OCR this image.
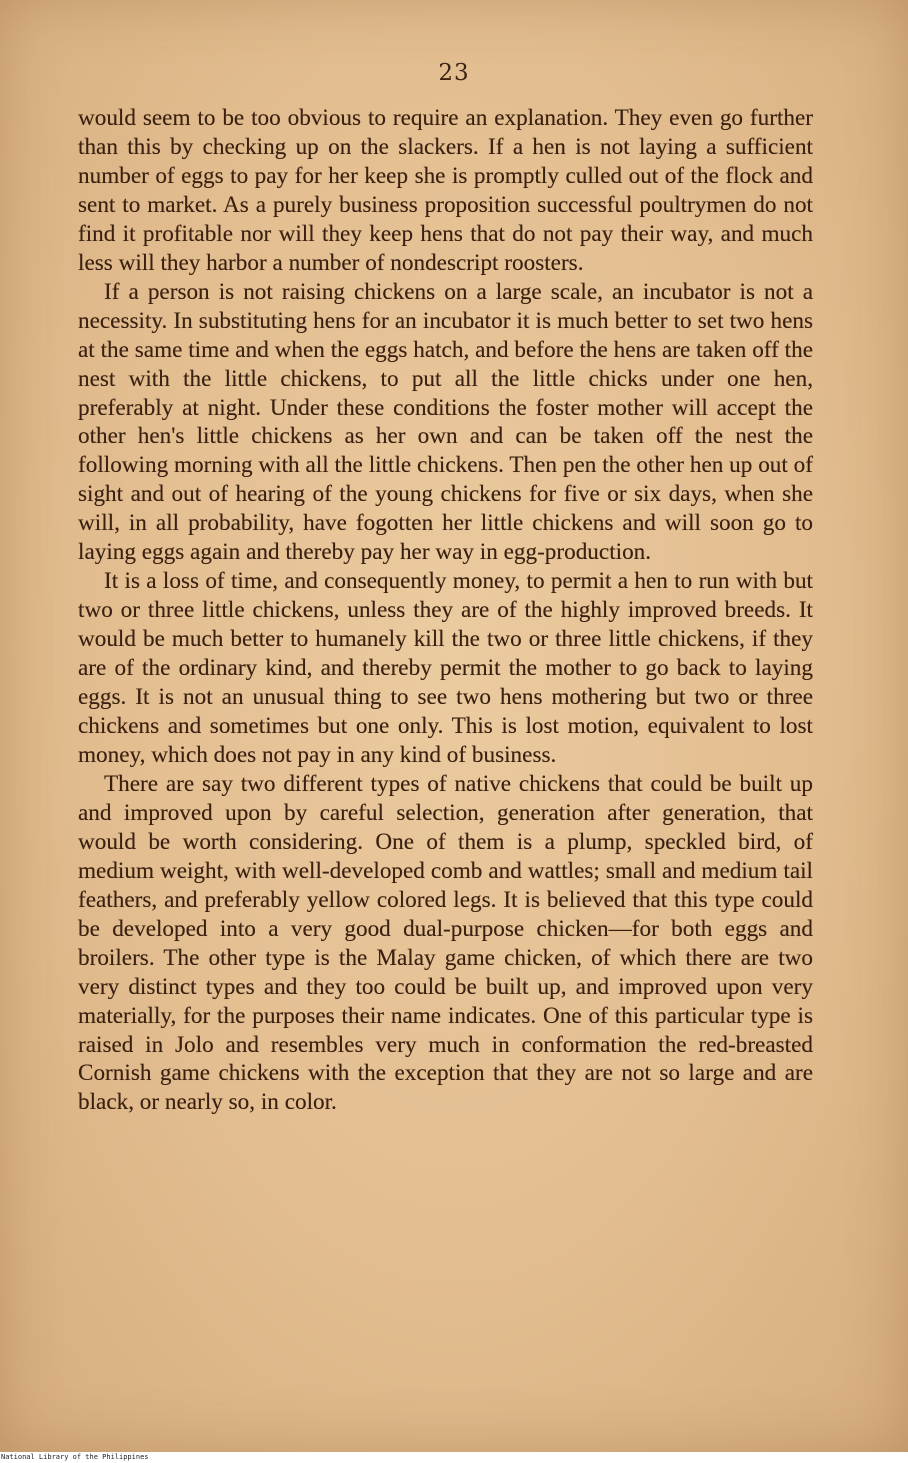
23

would seem to be too obvious to require an explanation. They even go further than this by checking up on the slackers. If a hen is not laying a sufficient number of eggs to pay for her keep she is promptly culled out of the flock and sent to market. As a purely business proposition successful poultrymen do not find it profitable nor will they keep hens that do not pay their way, and much less will they harbor a number of nondescript roosters.

If a person is not raising chickens on a large scale, an incubator is not a necessity. In substituting hens for an incubator it is much better to set two hens at the same time and when the eggs hatch, and before the hens are taken off the nest with the little chickens, to put all the little chicks under one hen, preferably at night. Under these conditions the foster mother will accept the other hen's little chickens as her own and can be taken off the nest the following morning with all the little chickens. Then pen the other hen up out of sight and out of hearing of the young chickens for five or six days, when she will, in all probability, have fogotten her little chickens and will soon go to laying eggs again and thereby pay her way in egg-production.

It is a loss of time, and consequently money, to permit a hen to run with but two or three little chickens, unless they are of the highly improved breeds. It would be much better to humanely kill the two or three little chickens, if they are of the ordinary kind, and thereby permit the mother to go back to laying eggs. It is not an unusual thing to see two hens mothering but two or three chickens and sometimes but one only. This is lost motion, equivalent to lost money, which does not pay in any kind of business.

There are say two different types of native chickens that could be built up and improved upon by careful selection, generation after generation, that would be worth considering. One of them is a plump, speckled bird, of medium weight, with well-developed comb and wattles; small and medium tail feathers, and preferably yellow colored legs. It is believed that this type could be developed into a very good dual-purpose chicken—for both eggs and broilers. The other type is the Malay game chicken, of which there are two very distinct types and they too could be built up, and improved upon very materially, for the purposes their name indicates. One of this particular type is raised in Jolo and resembles very much in conformation the red-breasted Cornish game chickens with the exception that they are not so large and are black, or nearly so, in color.

National Library of the Philippines
